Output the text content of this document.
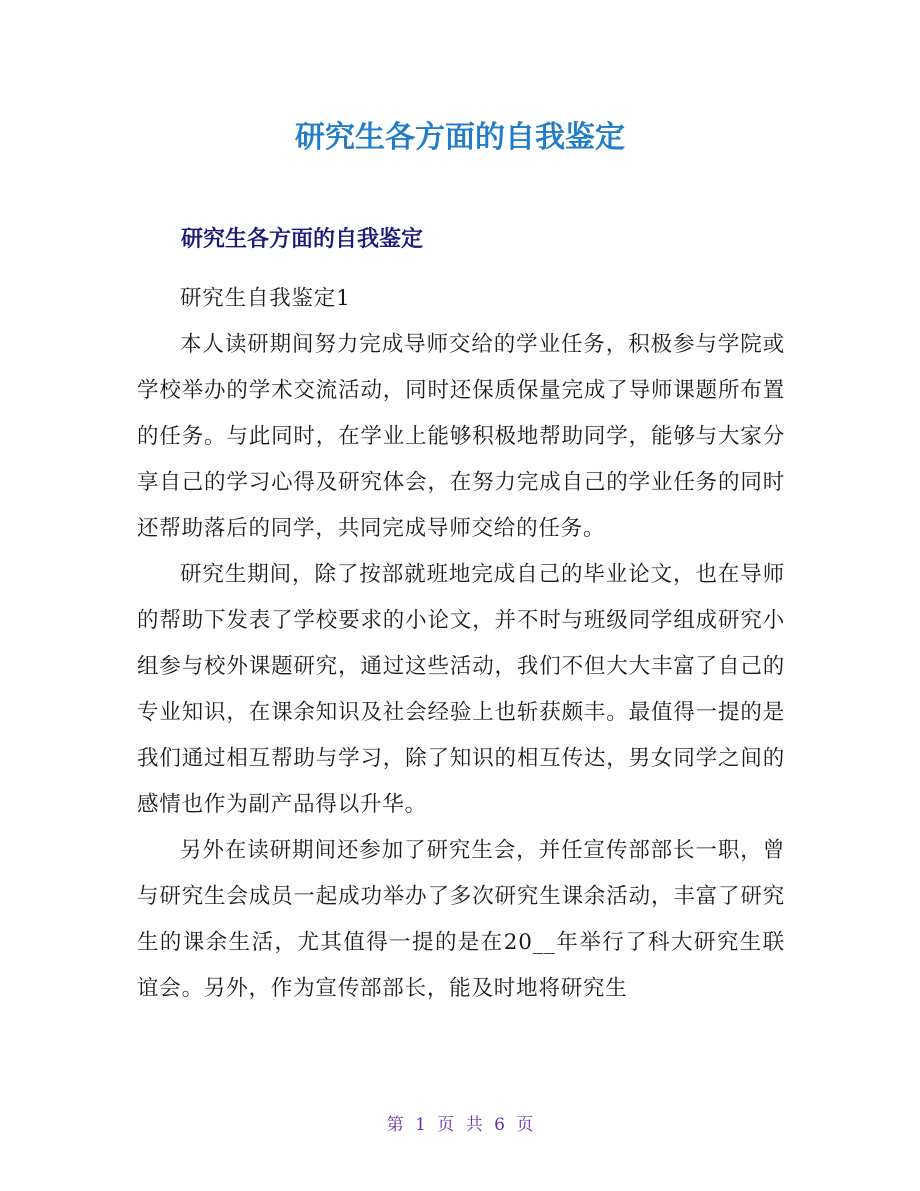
研究生各方面的自我鉴定
研究生各方面的自我鉴定

研究生自我鉴定1

本人读研期间努力完成导师交给的学业任务，积极参与学院或学校举办的学术交流活动，同时还保质保量完成了导师课题所布置的任务。与此同时，在学业上能够积极地帮助同学，能够与大家分享自己的学习心得及研究体会，在努力完成自己的学业任务的同时还帮助落后的同学，共同完成导师交给的任务。

研究生期间，除了按部就班地完成自己的毕业论文，也在导师的帮助下发表了学校要求的小论文，并不时与班级同学组成研究小组参与校外课题研究，通过这些活动，我们不但大大丰富了自己的专业知识，在课余知识及社会经验上也斩获颇丰。最值得一提的是我们通过相互帮助与学习，除了知识的相互传达，男女同学之间的感情也作为副产品得以升华。

另外在读研期间还参加了研究生会，并任宣传部部长一职，曾与研究生会成员一起成功举办了多次研究生课余活动，丰富了研究生的课余生活，尤其值得一提的是在20__年举行了科大研究生联谊会。另外，作为宣传部部长，能及时地将研究生

第 1 页 共 6 页
